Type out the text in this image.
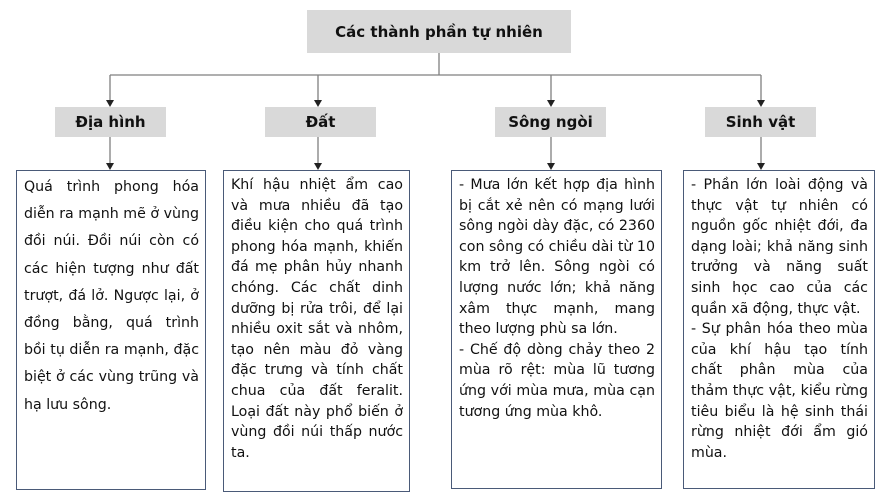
Các thành phần tự nhiên
Địa hình	Đất	Sông ngòi	Sinh vật

Quá trình phong hóa diễn ra mạnh mẽ ở vùng đồi núi. Đồi núi còn có các hiện tượng như đất trượt, đá lở. Ngược lại, ở đồng bằng, quá trình bồi tụ diễn ra mạnh, đặc biệt ở các vùng trũng và hạ lưu sông.

Khí hậu nhiệt ẩm cao và mưa nhiều đã tạo điều kiện cho quá trình phong hóa mạnh, khiến đá mẹ phân hủy nhanh chóng. Các chất dinh dưỡng bị rửa trôi, để lại nhiều oxit sắt và nhôm, tạo nên màu đỏ vàng đặc trưng và tính chất chua của đất feralit. Loại đất này phổ biến ở vùng đồi núi thấp nước ta.

- Mưa lớn kết hợp địa hình bị cắt xẻ nên có mạng lưới sông ngòi dày đặc, có 2360 con sông có chiều dài từ 10 km trở lên. Sông ngòi có lượng nước lớn; khả năng xâm thực mạnh, mang theo lượng phù sa lớn.

- Chế độ dòng chảy theo 2 mùa rõ rệt: mùa lũ tương ứng với mùa mưa, mùa cạn tương ứng mùa khô.

- Phần lớn loài động và thực vật tự nhiên có nguồn gốc nhiệt đới, đa dạng loài; khả năng sinh trưởng và năng suất sinh học cao của các quần xã động, thực vật.

- Sự phân hóa theo mùa của khí hậu tạo tính chất phân mùa của thảm thực vật, kiểu rừng tiêu biểu là hệ sinh thái rừng nhiệt đới ẩm gió mùa.
